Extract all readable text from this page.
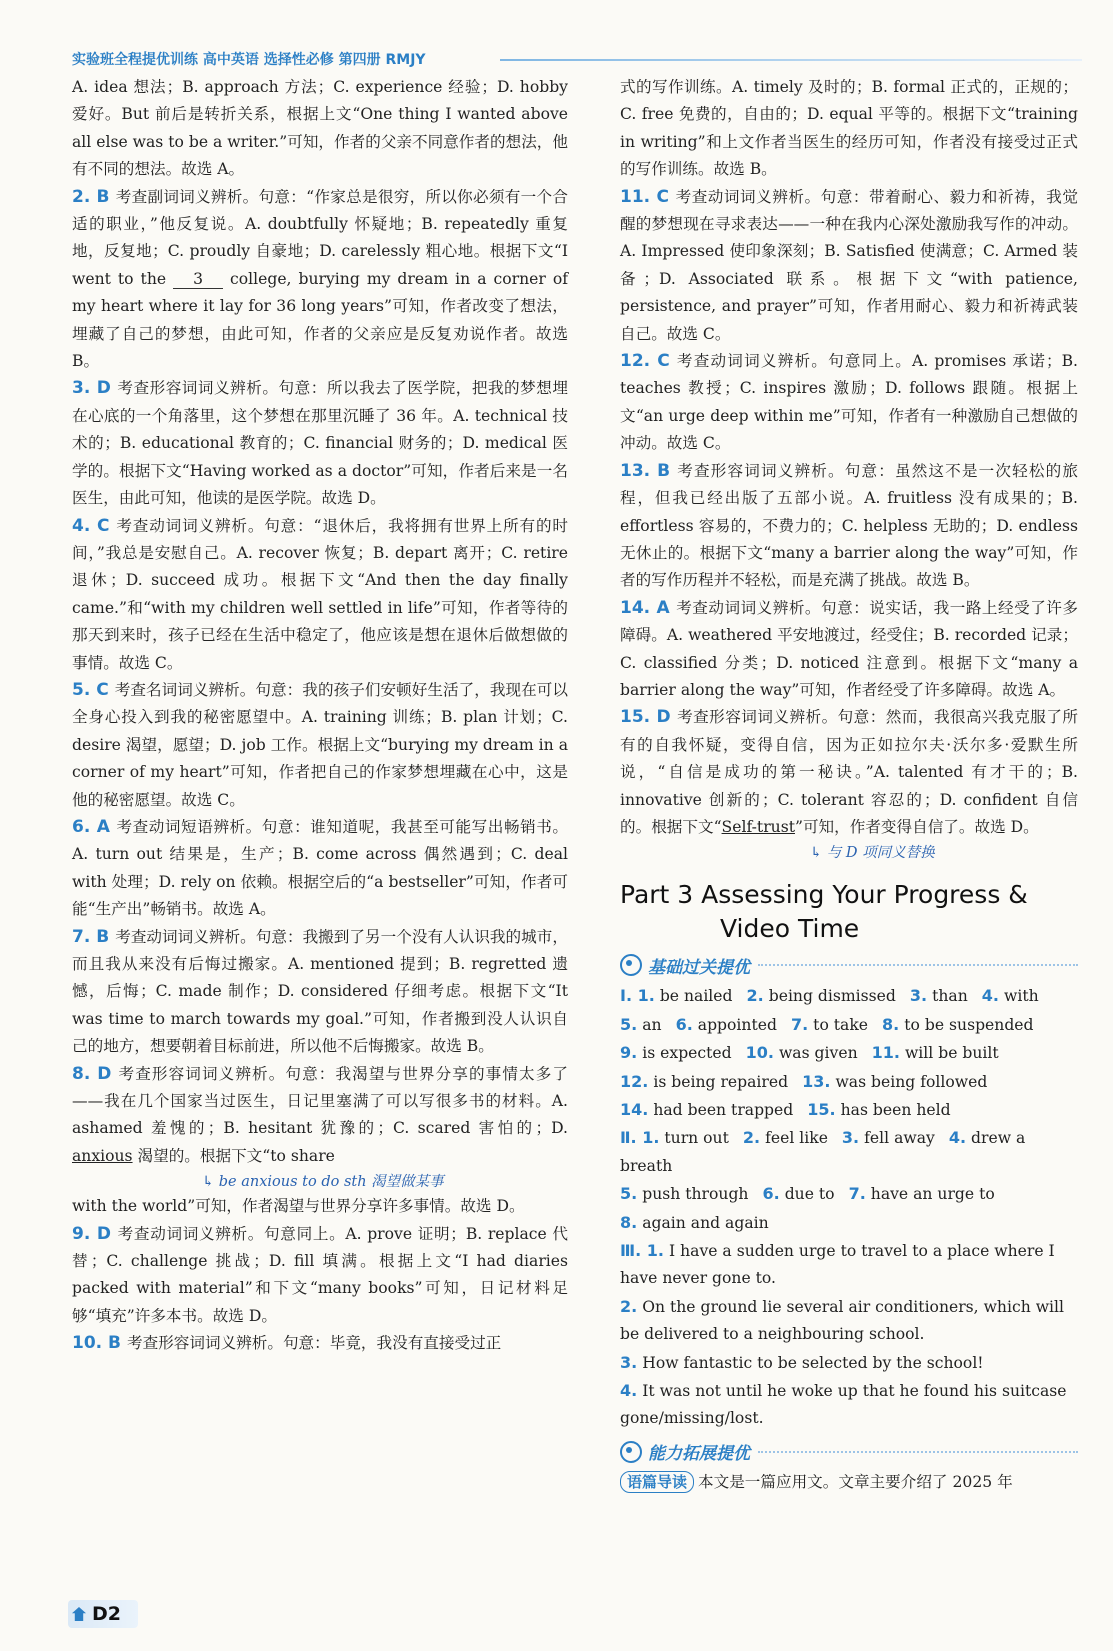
实验班全程提优训练 高中英语 选择性必修 第四册 RMJY

A. idea 想法；B. approach 方法；C. experience 经验；D. hobby 爱好。But 前后是转折关系，根据上文“One thing I wanted above all else was to be a writer.”可知，作者的父亲不同意作者的想法，他有不同的想法。故选 A。

2. B 考查副词词义辨析。句意：“作家总是很穷，所以你必须有一个合适的职业，”他反复说。A. doubtfully 怀疑地；B. repeatedly 重复地，反复地；C. proudly 自豪地；D. carelessly 粗心地。根据下文“I went to the 3 college, burying my dream in a corner of my heart where it lay for 36 long years”可知，作者改变了想法，埋藏了自己的梦想，由此可知，作者的父亲应是反复劝说作者。故选 B。

3. D 考查形容词词义辨析。句意：所以我去了医学院，把我的梦想埋在心底的一个角落里，这个梦想在那里沉睡了 36 年。A. technical 技术的；B. educational 教育的；C. financial 财务的；D. medical 医学的。根据下文“Having worked as a doctor”可知，作者后来是一名医生，由此可知，他读的是医学院。故选 D。

4. C 考查动词词义辨析。句意：“退休后，我将拥有世界上所有的时间，”我总是安慰自己。A. recover 恢复；B. depart 离开；C. retire 退休；D. succeed 成功。根据下文“And then the day finally came.”和“with my children well settled in life”可知，作者等待的那天到来时，孩子已经在生活中稳定了，他应该是想在退休后做想做的事情。故选 C。

5. C 考查名词词义辨析。句意：我的孩子们安顿好生活了，我现在可以全身心投入到我的秘密愿望中。A. training 训练；B. plan 计划；C. desire 渴望，愿望；D. job 工作。根据上文“burying my dream in a corner of my heart”可知，作者把自己的作家梦想埋藏在心中，这是他的秘密愿望。故选 C。

6. A 考查动词短语辨析。句意：谁知道呢，我甚至可能写出畅销书。A. turn out 结果是，生产；B. come across 偶然遇到；C. deal with 处理；D. rely on 依赖。根据空后的“a bestseller”可知，作者可能“生产出”畅销书。故选 A。

7. B 考查动词词义辨析。句意：我搬到了另一个没有人认识我的城市，而且我从来没有后悔过搬家。A. mentioned 提到；B. regretted 遗憾，后悔；C. made 制作；D. considered 仔细考虑。根据下文“It was time to march towards my goal.”可知，作者搬到没人认识自己的地方，想要朝着目标前进，所以他不后悔搬家。故选 B。

8. D 考查形容词词义辨析。句意：我渴望与世界分享的事情太多了——我在几个国家当过医生，日记里塞满了可以写很多书的材料。A. ashamed 羞愧的；B. hesitant 犹豫的；C. scared 害怕的；D. anxious 渴望的。根据下文“to share

↳ be anxious to do sth 渴望做某事

with the world”可知，作者渴望与世界分享许多事情。故选 D。

9. D 考查动词词义辨析。句意同上。A. prove 证明；B. replace 代替；C. challenge 挑战；D. fill 填满。根据上文“I had diaries packed with material”和下文“many books”可知，日记材料足够“填充”许多本书。故选 D。

10. B 考查形容词词义辨析。句意：毕竟，我没有直接受过正

式的写作训练。A. timely 及时的；B. formal 正式的，正规的；C. free 免费的，自由的；D. equal 平等的。根据下文“training in writing”和上文作者当医生的经历可知，作者没有接受过正式的写作训练。故选 B。

11. C 考查动词词义辨析。句意：带着耐心、毅力和祈祷，我觉醒的梦想现在寻求表达——一种在我内心深处激励我写作的冲动。A. Impressed 使印象深刻；B. Satisfied 使满意；C. Armed 装备；D. Associated 联系。根据下文“with patience, persistence, and prayer”可知，作者用耐心、毅力和祈祷武装自己。故选 C。

12. C 考查动词词义辨析。句意同上。A. promises 承诺；B. teaches 教授；C. inspires 激励；D. follows 跟随。根据上文“an urge deep within me”可知，作者有一种激励自己想做的冲动。故选 C。

13. B 考查形容词词义辨析。句意：虽然这不是一次轻松的旅程，但我已经出版了五部小说。A. fruitless 没有成果的；B. effortless 容易的，不费力的；C. helpless 无助的；D. endless 无休止的。根据下文“many a barrier along the way”可知，作者的写作历程并不轻松，而是充满了挑战。故选 B。

14. A 考查动词词义辨析。句意：说实话，我一路上经受了许多障碍。A. weathered 平安地渡过，经受住；B. recorded 记录；C. classified 分类；D. noticed 注意到。根据下文“many a barrier along the way”可知，作者经受了许多障碍。故选 A。

15. D 考查形容词词义辨析。句意：然而，我很高兴我克服了所有的自我怀疑，变得自信，因为正如拉尔夫·沃尔多·爱默生所说，“自信是成功的第一秘诀。”A. talented 有才干的；B. innovative 创新的；C. tolerant 容忍的；D. confident 自信的。根据下文“Self-trust”可知，作者变得自信了。故选 D。

↳ 与 D 项同义替换

Part 3 Assessing Your Progress &
Video Time
基础过关提优

Ⅰ. 1. be nailed 2. being dismissed 3. than 4. with

5. an 6. appointed 7. to take 8. to be suspended

9. is expected 10. was given 11. will be built

12. is being repaired 13. was being followed

14. had been trapped 15. has been held

Ⅱ. 1. turn out 2. feel like 3. fell away 4. drew a breath

5. push through 6. due to 7. have an urge to

8. again and again

Ⅲ. 1. I have a sudden urge to travel to a place where I have never gone to.

2. On the ground lie several air conditioners, which will be delivered to a neighbouring school.

3. How fantastic to be selected by the school!

4. It was not until he woke up that he found his suitcase gone/missing/lost.

能力拓展提优

语篇导读 本文是一篇应用文。文章主要介绍了 2025 年

D2
